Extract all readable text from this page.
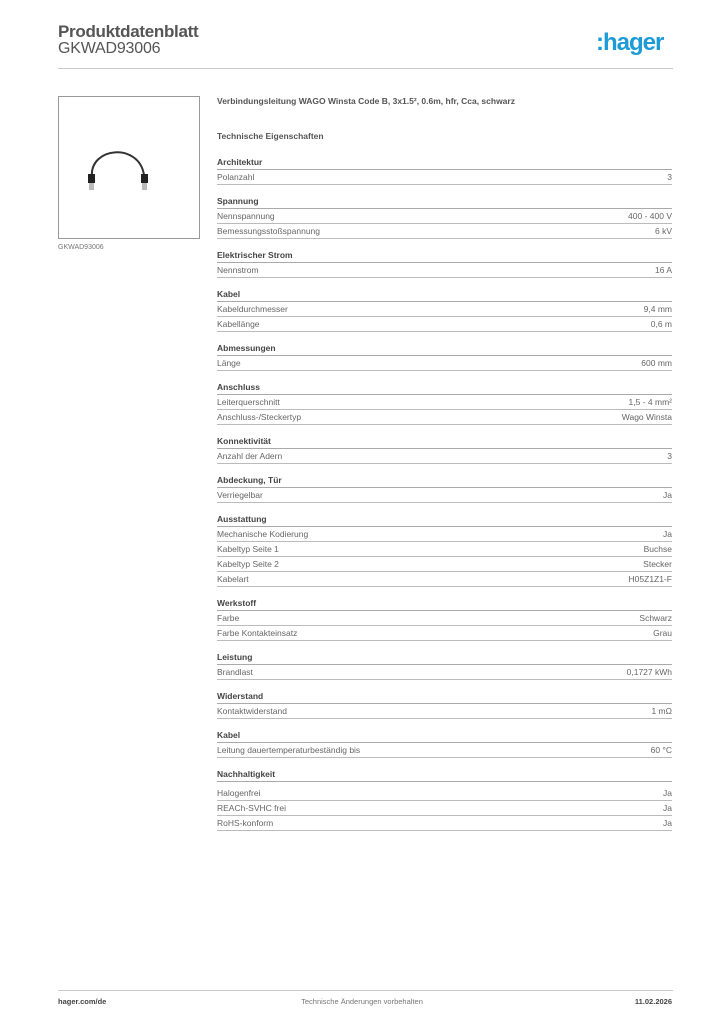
Produktdatenblatt
GKWAD93006	:hager
GKWAD93006
Verbindungsleitung WAGO Winsta Code B, 3x1.5², 0.6m, hfr, Cca, schwarz
Technische Eigenschaften
Architektur
Polanzahl	3
Spannung
Nennspannung	400 - 400 V
Bemessungsstoßspannung	6 kV
Elektrischer Strom
Nennstrom	16 A
Kabel
Kabeldurchmesser	9,4 mm
Kabellänge	0,6 m
Abmessungen
Länge	600 mm
Anschluss
Leiterquerschnitt	1,5 - 4 mm²
Anschluss-/Steckertyp	Wago Winsta
Konnektivität
Anzahl der Adern	3
Abdeckung, Tür
Verriegelbar	Ja
Ausstattung
Mechanische Kodierung	Ja
Kabeltyp Seite 1	Buchse
Kabeltyp Seite 2	Stecker
Kabelart	H05Z1Z1-F
Werkstoff
Farbe	Schwarz
Farbe Kontakteinsatz	Grau
Leistung
Brandlast	0,1727 kWh
Widerstand
Kontaktwiderstand	1 mΩ
Kabel
Leitung dauertemperaturbeständig bis	60 °C
Nachhaltigkeit
Halogenfrei	Ja
REACh-SVHC frei	Ja
RoHS-konform	Ja
hager.com/de	Technische Änderungen vorbehalten	11.02.2026
